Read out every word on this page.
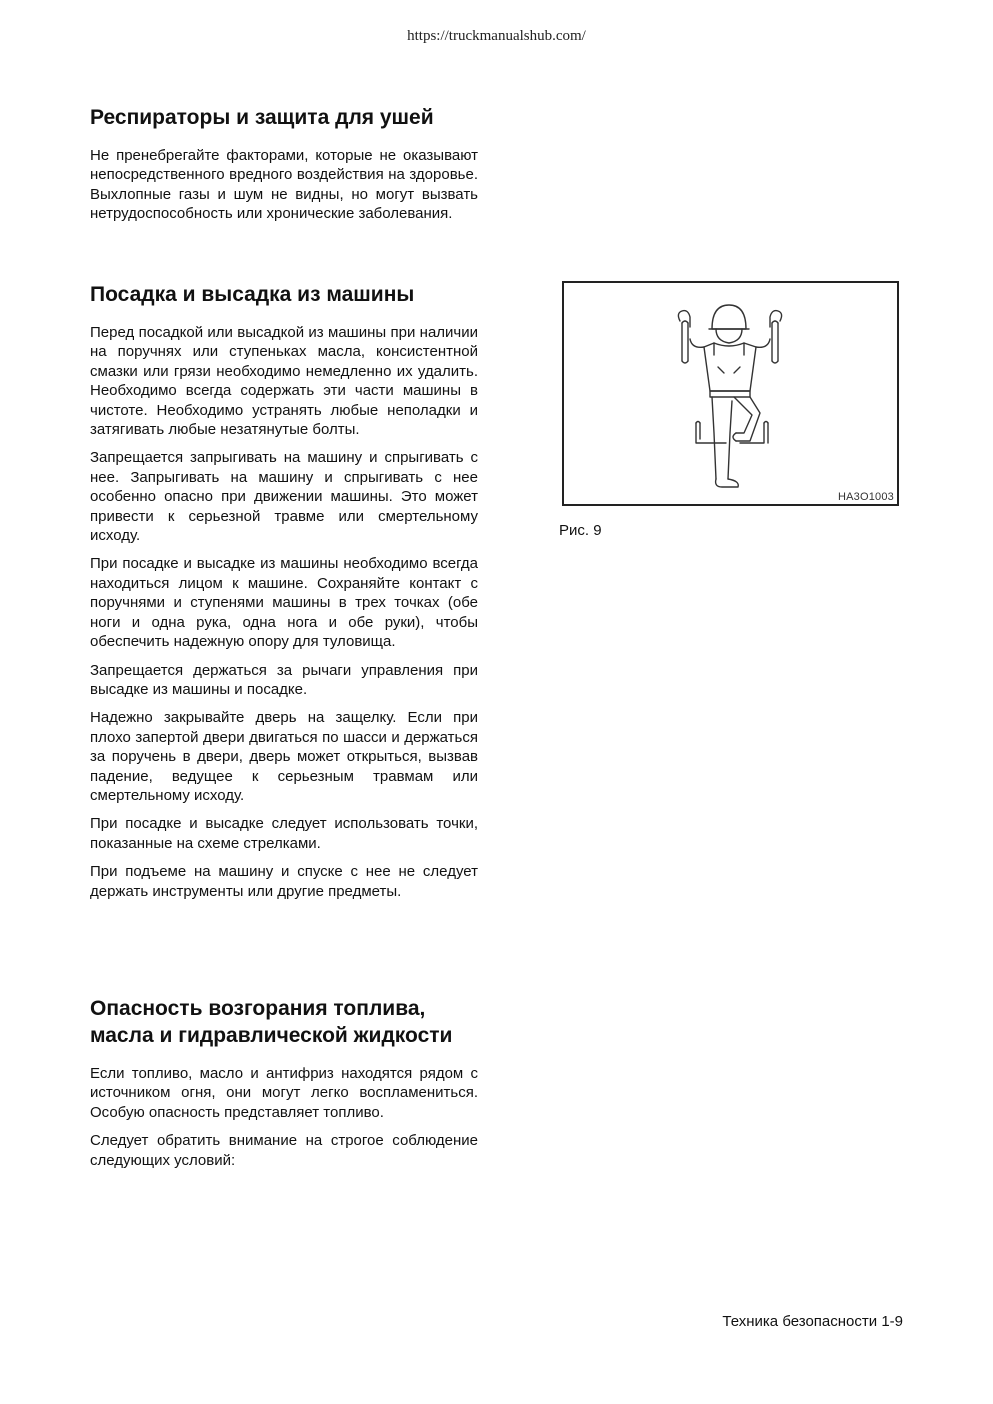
https://truckmanualshub.com/
Респираторы и защита для ушей

Не пренебрегайте факторами, которые не оказывают непосредственного вредного воздействия на здоровье. Выхлопные газы и шум не видны, но могут вызвать нетрудоспособность или хронические заболевания.

Посадка и высадка из машины

Перед посадкой или высадкой из машины при наличии на поручнях или ступеньках масла, консистентной смазки или грязи необходимо немедленно их удалить. Необходимо всегда содержать эти части машины в чистоте. Необходимо устранять любые неполадки и затягивать любые незатянутые болты.

Запрещается запрыгивать на машину и спрыгивать с нее. Запрыгивать на машину и спрыгивать с нее особенно опасно при движении машины. Это может привести к серьезной травме или смертельному исходу.

При посадке и высадке из машины необходимо всегда находиться лицом к машине. Сохраняйте контакт с поручнями и ступенями машины в трех точках (обе ноги и одна рука, одна нога и обе руки), чтобы обеспечить надежную опору для туловища.

Запрещается держаться за рычаги управления при высадке из машины и посадке.

Надежно закрывайте дверь на защелку. Если при плохо запертой двери двигаться по шасси и держаться за поручень в двери, дверь может открыться, вызвав падение, ведущее к серьезным травмам или смертельному исходу.

При посадке и высадке следует использовать точки, показанные на схеме стрелками.

При подъеме на машину и спуске с нее не следует держать инструменты или другие предметы.

Опасность возгорания топлива, масла и гидравлической жидкости

Если топливо, масло и антифриз находятся рядом с источником огня, они могут легко воспламениться. Особую опасность представляет топливо.

Следует обратить внимание на строгое соблюдение следующих условий:

HA3O1003
Рис. 9
Техника безопасности 1-9
